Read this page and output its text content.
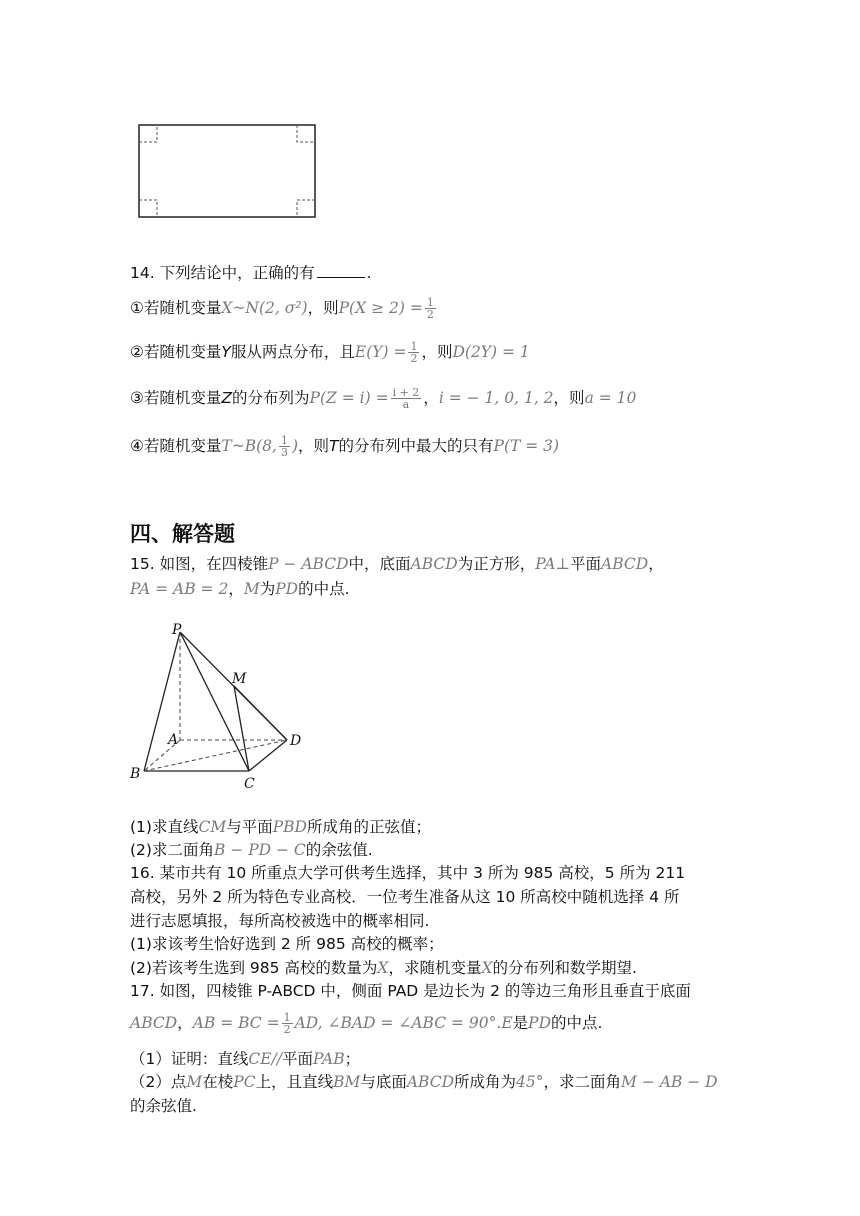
14. 下列结论中，正确的有	.
①若随机变量X~N(2, σ²)，则$P(X \ge 2) = \frac{1}{2}$
②若随机变量Y服从两点分布，且$E(Y) = \frac{1}{2}$ ，则D(2Y) = 1
③若随机变量Z的分布列为$P(Z = i) = \frac{i + 2}{a}$ ，i = − 1, 0, 1, 2，则a = 10
④若随机变量T~B(8, $\frac{1}{3}$ )，则T的分布列中最大的只有P(T = 3)
四、解答题
15. 如图，在四棱锥P − ABCD中，底面ABCD为正方形，PA⊥平面ABCD，
PA = AB = 2，M为PD的中点.
P
M
A	D
B
C
(1)求直线CM与平面PBD所成角的正弦值；
(2)求二面角B − PD − C的余弦值.
16. 某市共有 10 所重点大学可供考生选择，其中 3 所为 985 高校，5 所为 211
高校，另外 2 所为特色专业高校．一位考生准备从这 10 所高校中随机选择 4 所
进行志愿填报，每所高校被选中的概率相同.
(1)求该考生恰好选到 2 所 985 高校的概率；
(2)若该考生选到 985 高校的数量为X，求随机变量X的分布列和数学期望.
17. 如图，四棱锥 P-ABCD 中，侧面 PAD 是边长为 2 的等边三角形且垂直于底面
ABCD，AB = BC = $\frac{1}{2}$ AD, ∠BAD = ∠ABC = 90°.E是PD的中点.
（1）证明：直线CE//平面PAB；
（2）点M在棱PC上，且直线BM与底面ABCD所成角为45°，求二面角M − AB − D
的余弦值.
